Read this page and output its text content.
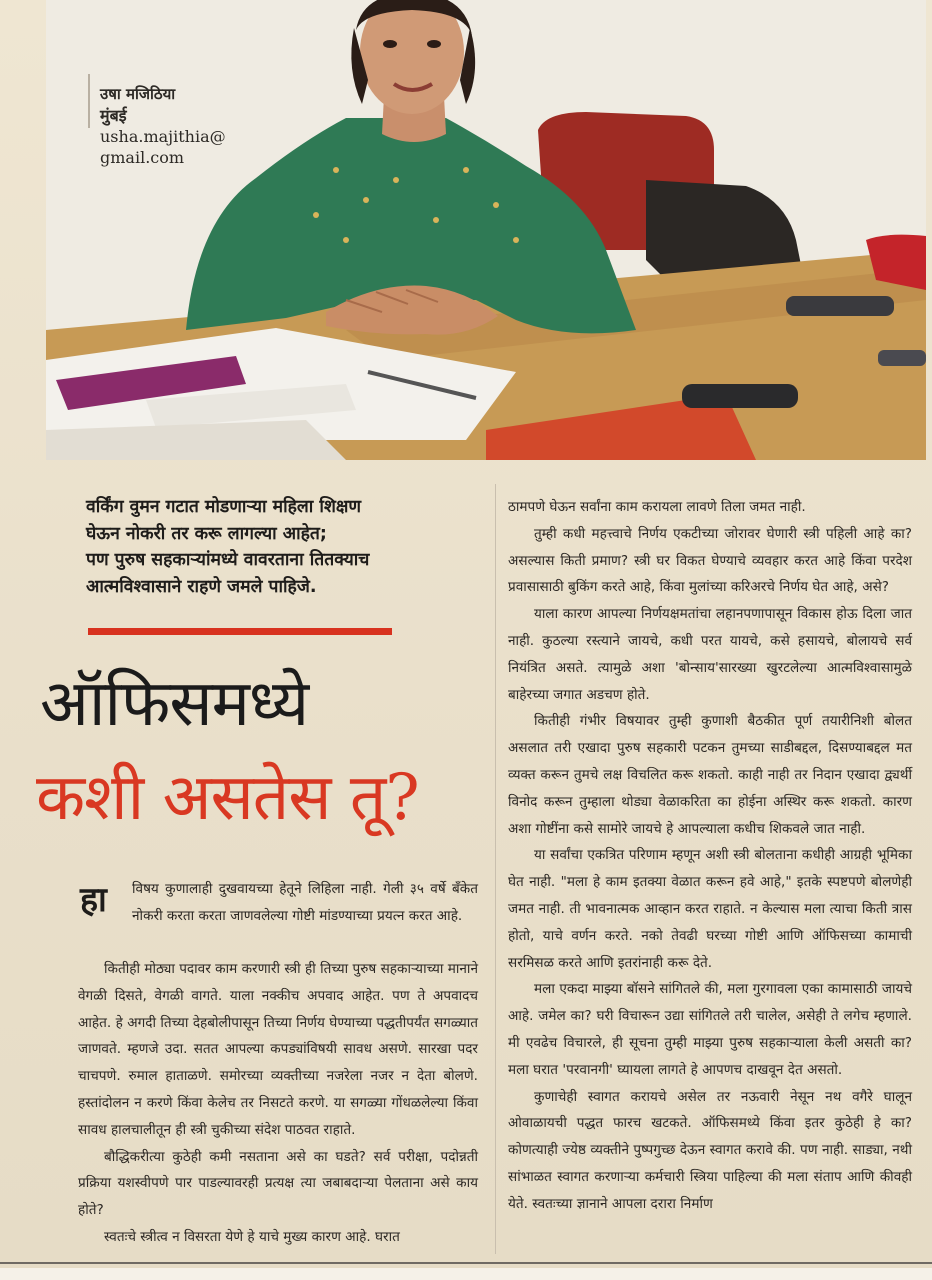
उषा मजिठिया
मुंबई
usha.majithia@
gmail.com

वर्किंग वुमन गटात मोडणाऱ्या महिला शिक्षण

घेऊन नोकरी तर करू लागल्या आहेत;

पण पुरुष सहकाऱ्यांमध्ये वावरताना तितक्याच

आत्मविश्वासाने राहणे जमले पाहिजे.

ऑफिसमध्ये
कशी असतेस तू?
हा विषय कुणालाही दुखवायच्या हेतूने लिहिला नाही. गेली ३५ वर्षे बँकेत नोकरी करता करता जाणवलेल्या गोष्टी मांडण्याच्या प्रयत्न करत आहे.

कितीही मोठ्या पदावर काम करणारी स्त्री ही तिच्या पुरुष सहकाऱ्याच्या मानाने वेगळी दिसते, वेगळी वागते. याला नक्कीच अपवाद आहेत. पण ते अपवादच आहेत. हे अगदी तिच्या देहबोलीपासून तिच्या निर्णय घेण्याच्या पद्धतीपर्यंत सगळ्यात जाणवते. म्हणजे उदा. सतत आपल्या कपड्यांविषयी सावध असणे. सारखा पदर चाचपणे. रुमाल हाताळणे. समोरच्या व्यक्तीच्या नजरेला नजर न देता बोलणे. हस्तांदोलन न करणे किंवा केलेच तर निसटते करणे. या सगळ्या गोंधळलेल्या किंवा सावध हालचालीतून ही स्त्री चुकीच्या संदेश पाठवत राहाते.

बौद्धिकरीत्या कुठेही कमी नसताना असे का घडते? सर्व परीक्षा, पदोन्नती प्रक्रिया यशस्वीपणे पार पाडल्यावरही प्रत्यक्ष त्या जबाबदाऱ्या पेलताना असे काय होते?

स्वतःचे स्त्रीत्व न विसरता येणे हे याचे मुख्य कारण आहे. घरात

ठामपणे घेऊन सर्वांना काम करायला लावणे तिला जमत नाही.

तुम्ही कधी महत्त्वाचे निर्णय एकटीच्या जोरावर घेणारी स्त्री पहिली आहे का? असल्यास किती प्रमाण? स्त्री घर विकत घेण्याचे व्यवहार करत आहे किंवा परदेश प्रवासासाठी बुकिंग करते आहे, किंवा मुलांच्या करिअरचे निर्णय घेत आहे, असे?

याला कारण आपल्या निर्णयक्षमतांचा लहानपणापासून विकास होऊ दिला जात नाही. कुठल्या रस्त्याने जायचे, कधी परत यायचे, कसे हसायचे, बोलायचे सर्व नियंत्रित असते. त्यामुळे अशा 'बोन्साय'सारख्या खुरटलेल्या आत्मविश्वासामुळे बाहेरच्या जगात अडचण होते.

कितीही गंभीर विषयावर तुम्ही कुणाशी बैठकीत पूर्ण तयारीनिशी बोलत असलात तरी एखादा पुरुष सहकारी पटकन तुमच्या साडीबद्दल, दिसण्याबद्दल मत व्यक्त करून तुमचे लक्ष विचलित करू शकतो. काही नाही तर निदान एखादा द्व्यर्थी विनोद करून तुम्हाला थोड्या वेळाकरिता का होईना अस्थिर करू शकतो. कारण अशा गोष्टींना कसे सामोरे जायचे हे आपल्याला कधीच शिकवले जात नाही.

या सर्वांचा एकत्रित परिणाम म्हणून अशी स्त्री बोलताना कधीही आग्रही भूमिका घेत नाही. "मला हे काम इतक्या वेळात करून हवे आहे," इतके स्पष्टपणे बोलणेही जमत नाही. ती भावनात्मक आव्हान करत राहाते. न केल्यास मला त्याचा किती त्रास होतो, याचे वर्णन करते. नको तेवढी घरच्या गोष्टी आणि ऑफिसच्या कामाची सरमिसळ करते आणि इतरांनाही करू देते.

मला एकदा माझ्या बॉसने सांगितले की, मला गुरगावला एका कामासाठी जायचे आहे. जमेल का? घरी विचारून उद्या सांगितले तरी चालेल, असेही ते लगेच म्हणाले. मी एवढेच विचारले, ही सूचना तुम्ही माझ्या पुरुष सहकाऱ्याला केली असती का? मला घरात 'परवानगी' घ्यायला लागते हे आपणच दाखवून देत असतो.

कुणाचेही स्वागत करायचे असेल तर नऊवारी नेसून नथ वगैरे घालून ओवाळायची पद्धत फारच खटकते. ऑफिसमध्ये किंवा इतर कुठेही हे का? कोणत्याही ज्येष्ठ व्यक्तीने पुष्पगुच्छ देऊन स्वागत करावे की. पण नाही. साड्या, नथी सांभाळत स्वागत करणाऱ्या कर्मचारी स्त्रिया पाहिल्या की मला संताप आणि कीवही येते. स्वतःच्या ज्ञानाने आपला दरारा निर्माण
